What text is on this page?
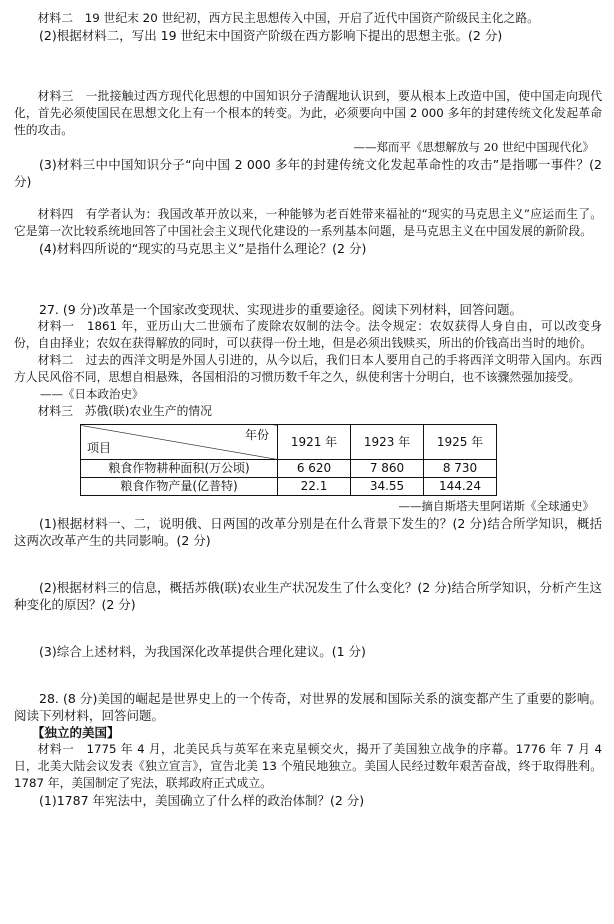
材料二　19 世纪末 20 世纪初，西方民主思想传入中国，开启了近代中国资产阶级民主化之路。

(2)根据材料二，写出 19 世纪末中国资产阶级在西方影响下提出的思想主张。(2 分)

材料三　一批接触过西方现代化思想的中国知识分子清醒地认识到，要从根本上改造中国，使中国走向现代化，首先必须使国民在思想文化上有一个根本的转变。为此，必须要向中国 2 000 多年的封建传统文化发起革命性的攻击。

——郑而平《思想解放与 20 世纪中国现代化》

(3)材料三中中国知识分子“向中国 2 000 多年的封建传统文化发起革命性的攻击”是指哪一事件？(2 分)

材料四　有学者认为：我国改革开放以来，一种能够为老百姓带来福祉的“现实的马克思主义”应运而生了。它是第一次比较系统地回答了中国社会主义现代化建设的一系列基本问题，是马克思主义在中国发展的新阶段。

(4)材料四所说的“现实的马克思主义”是指什么理论？(2 分)

27. (9 分)改革是一个国家改变现状、实现进步的重要途径。阅读下列材料，回答问题。

材料一　1861 年，亚历山大二世颁布了废除农奴制的法令。法令规定：农奴获得人身自由，可以改变身份，自由择业；农奴在获得解放的同时，可以获得一份土地，但是必须出钱赎买，所出的价钱高出当时的地价。

材料二　过去的西洋文明是外国人引进的，从今以后，我们日本人要用自己的手将西洋文明带入国内。东西方人民风俗不同，思想自相悬殊，各国相沿的习惯历数千年之久，纵使利害十分明白，也不该骤然强加接受。

——《日本政治史》

材料三　苏俄(联)农业生产的情况

年份
项目	1921 年	1923 年	1925 年
粮食作物耕种面积(万公顷)	6 620	7 860	8 730
粮食作物产量(亿普特)	22.1	34.55	144.24

——摘自斯塔夫里阿诺斯《全球通史》

(1)根据材料一、二，说明俄、日两国的改革分别是在什么背景下发生的？(2 分)结合所学知识，概括这两次改革产生的共同影响。(2 分)

(2)根据材料三的信息，概括苏俄(联)农业生产状况发生了什么变化？(2 分)结合所学知识，分析产生这种变化的原因？(2 分)

(3)综合上述材料，为我国深化改革提供合理化建议。(1 分)

28. (8 分)美国的崛起是世界史上的一个传奇，对世界的发展和国际关系的演变都产生了重要的影响。阅读下列材料，回答问题。

【独立的美国】

材料一　1775 年 4 月，北美民兵与英军在来克星顿交火，揭开了美国独立战争的序幕。1776 年 7 月 4 日，北美大陆会议发表《独立宣言》，宣告北美 13 个殖民地独立。美国人民经过数年艰苦奋战，终于取得胜利。1787 年，美国制定了宪法，联邦政府正式成立。

(1)1787 年宪法中，美国确立了什么样的政治体制？(2 分)
